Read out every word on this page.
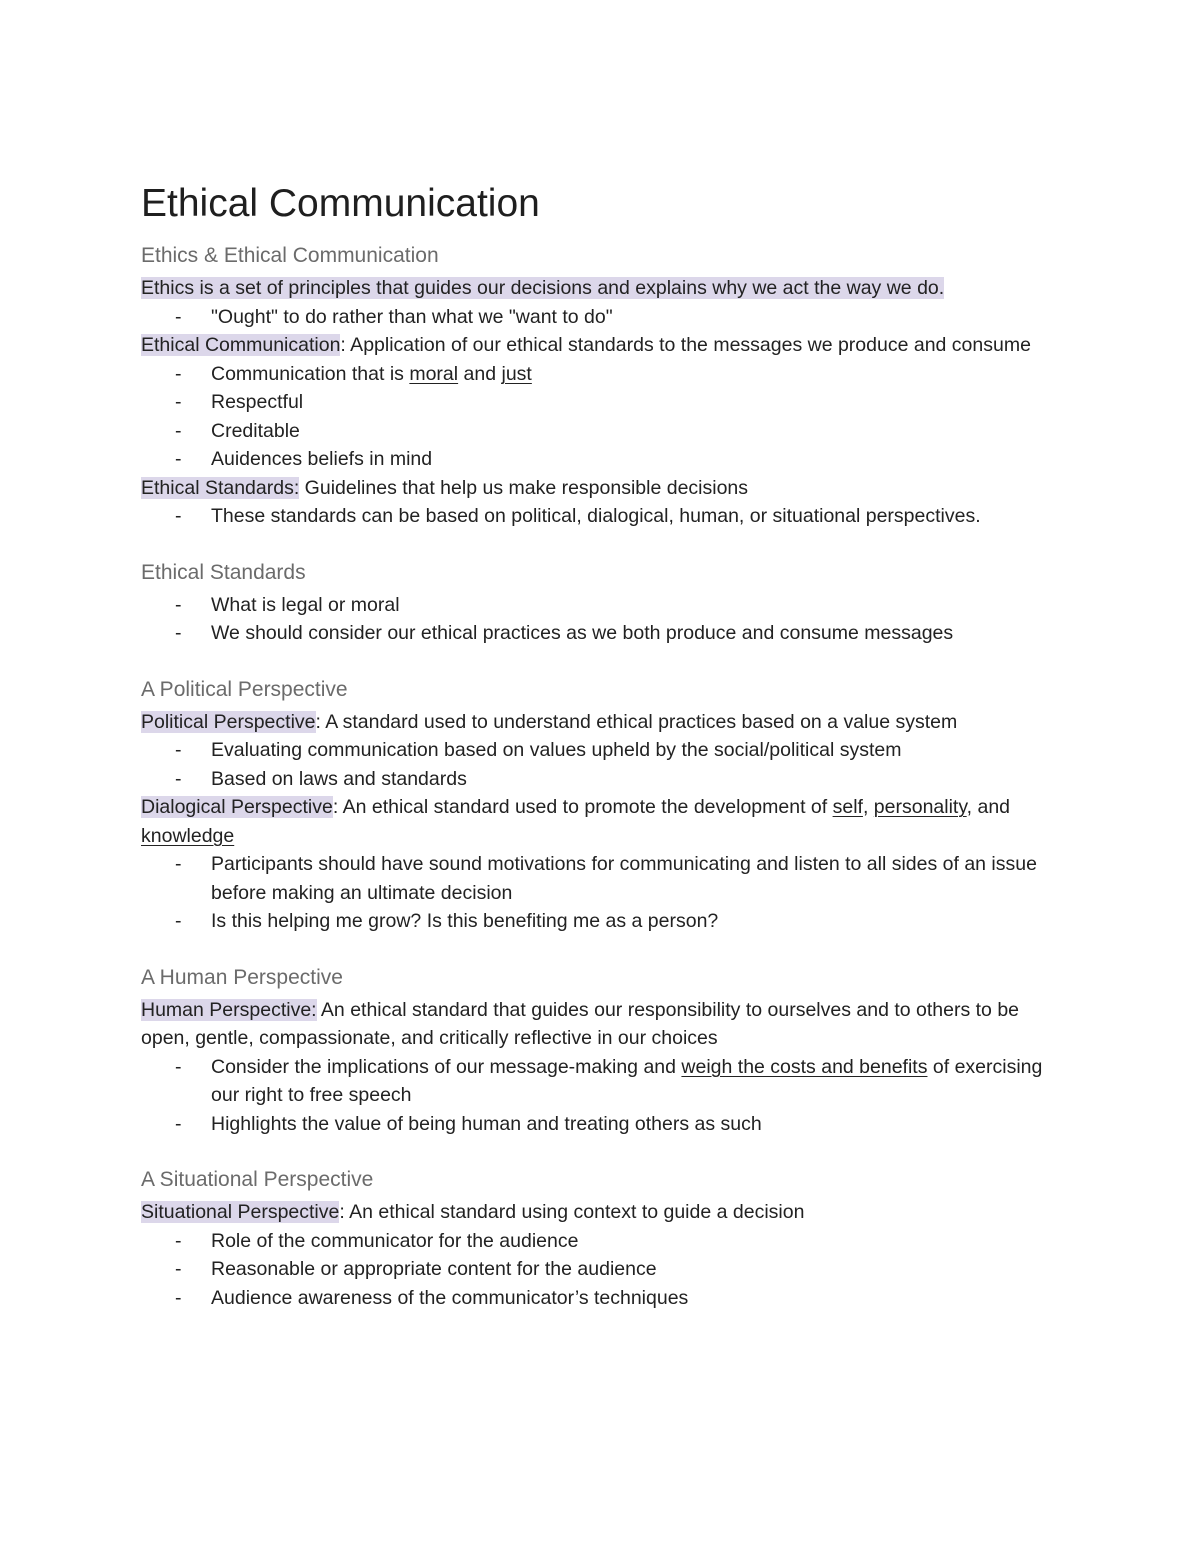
Ethical Communication
Ethics & Ethical Communication

Ethics is a set of principles that guides our decisions and explains why we act the way we do.

- "Ought" to do rather than what we "want to do"

Ethical Communication: Application of our ethical standards to the messages we produce and consume

- Communication that is moral and just
- Respectful
- Creditable
- Auidences beliefs in mind

Ethical Standards: Guidelines that help us make responsible decisions

- These standards can be based on political, dialogical, human, or situational perspectives.
Ethical Standards
- What is legal or moral
- We should consider our ethical practices as we both produce and consume messages
A Political Perspective

Political Perspective: A standard used to understand ethical practices based on a value system

- Evaluating communication based on values upheld by the social/political system
- Based on laws and standards

Dialogical Perspective: An ethical standard used to promote the development of self, personality, and knowledge

- Participants should have sound motivations for communicating and listen to all sides of an issue before making an ultimate decision
- Is this helping me grow? Is this benefiting me as a person?
A Human Perspective

Human Perspective: An ethical standard that guides our responsibility to ourselves and to others to be open, gentle, compassionate, and critically reflective in our choices

- Consider the implications of our message-making and weigh the costs and benefits of exercising our right to free speech
- Highlights the value of being human and treating others as such
A Situational Perspective

Situational Perspective: An ethical standard using context to guide a decision

- Role of the communicator for the audience
- Reasonable or appropriate content for the audience
- Audience awareness of the communicator’s techniques
